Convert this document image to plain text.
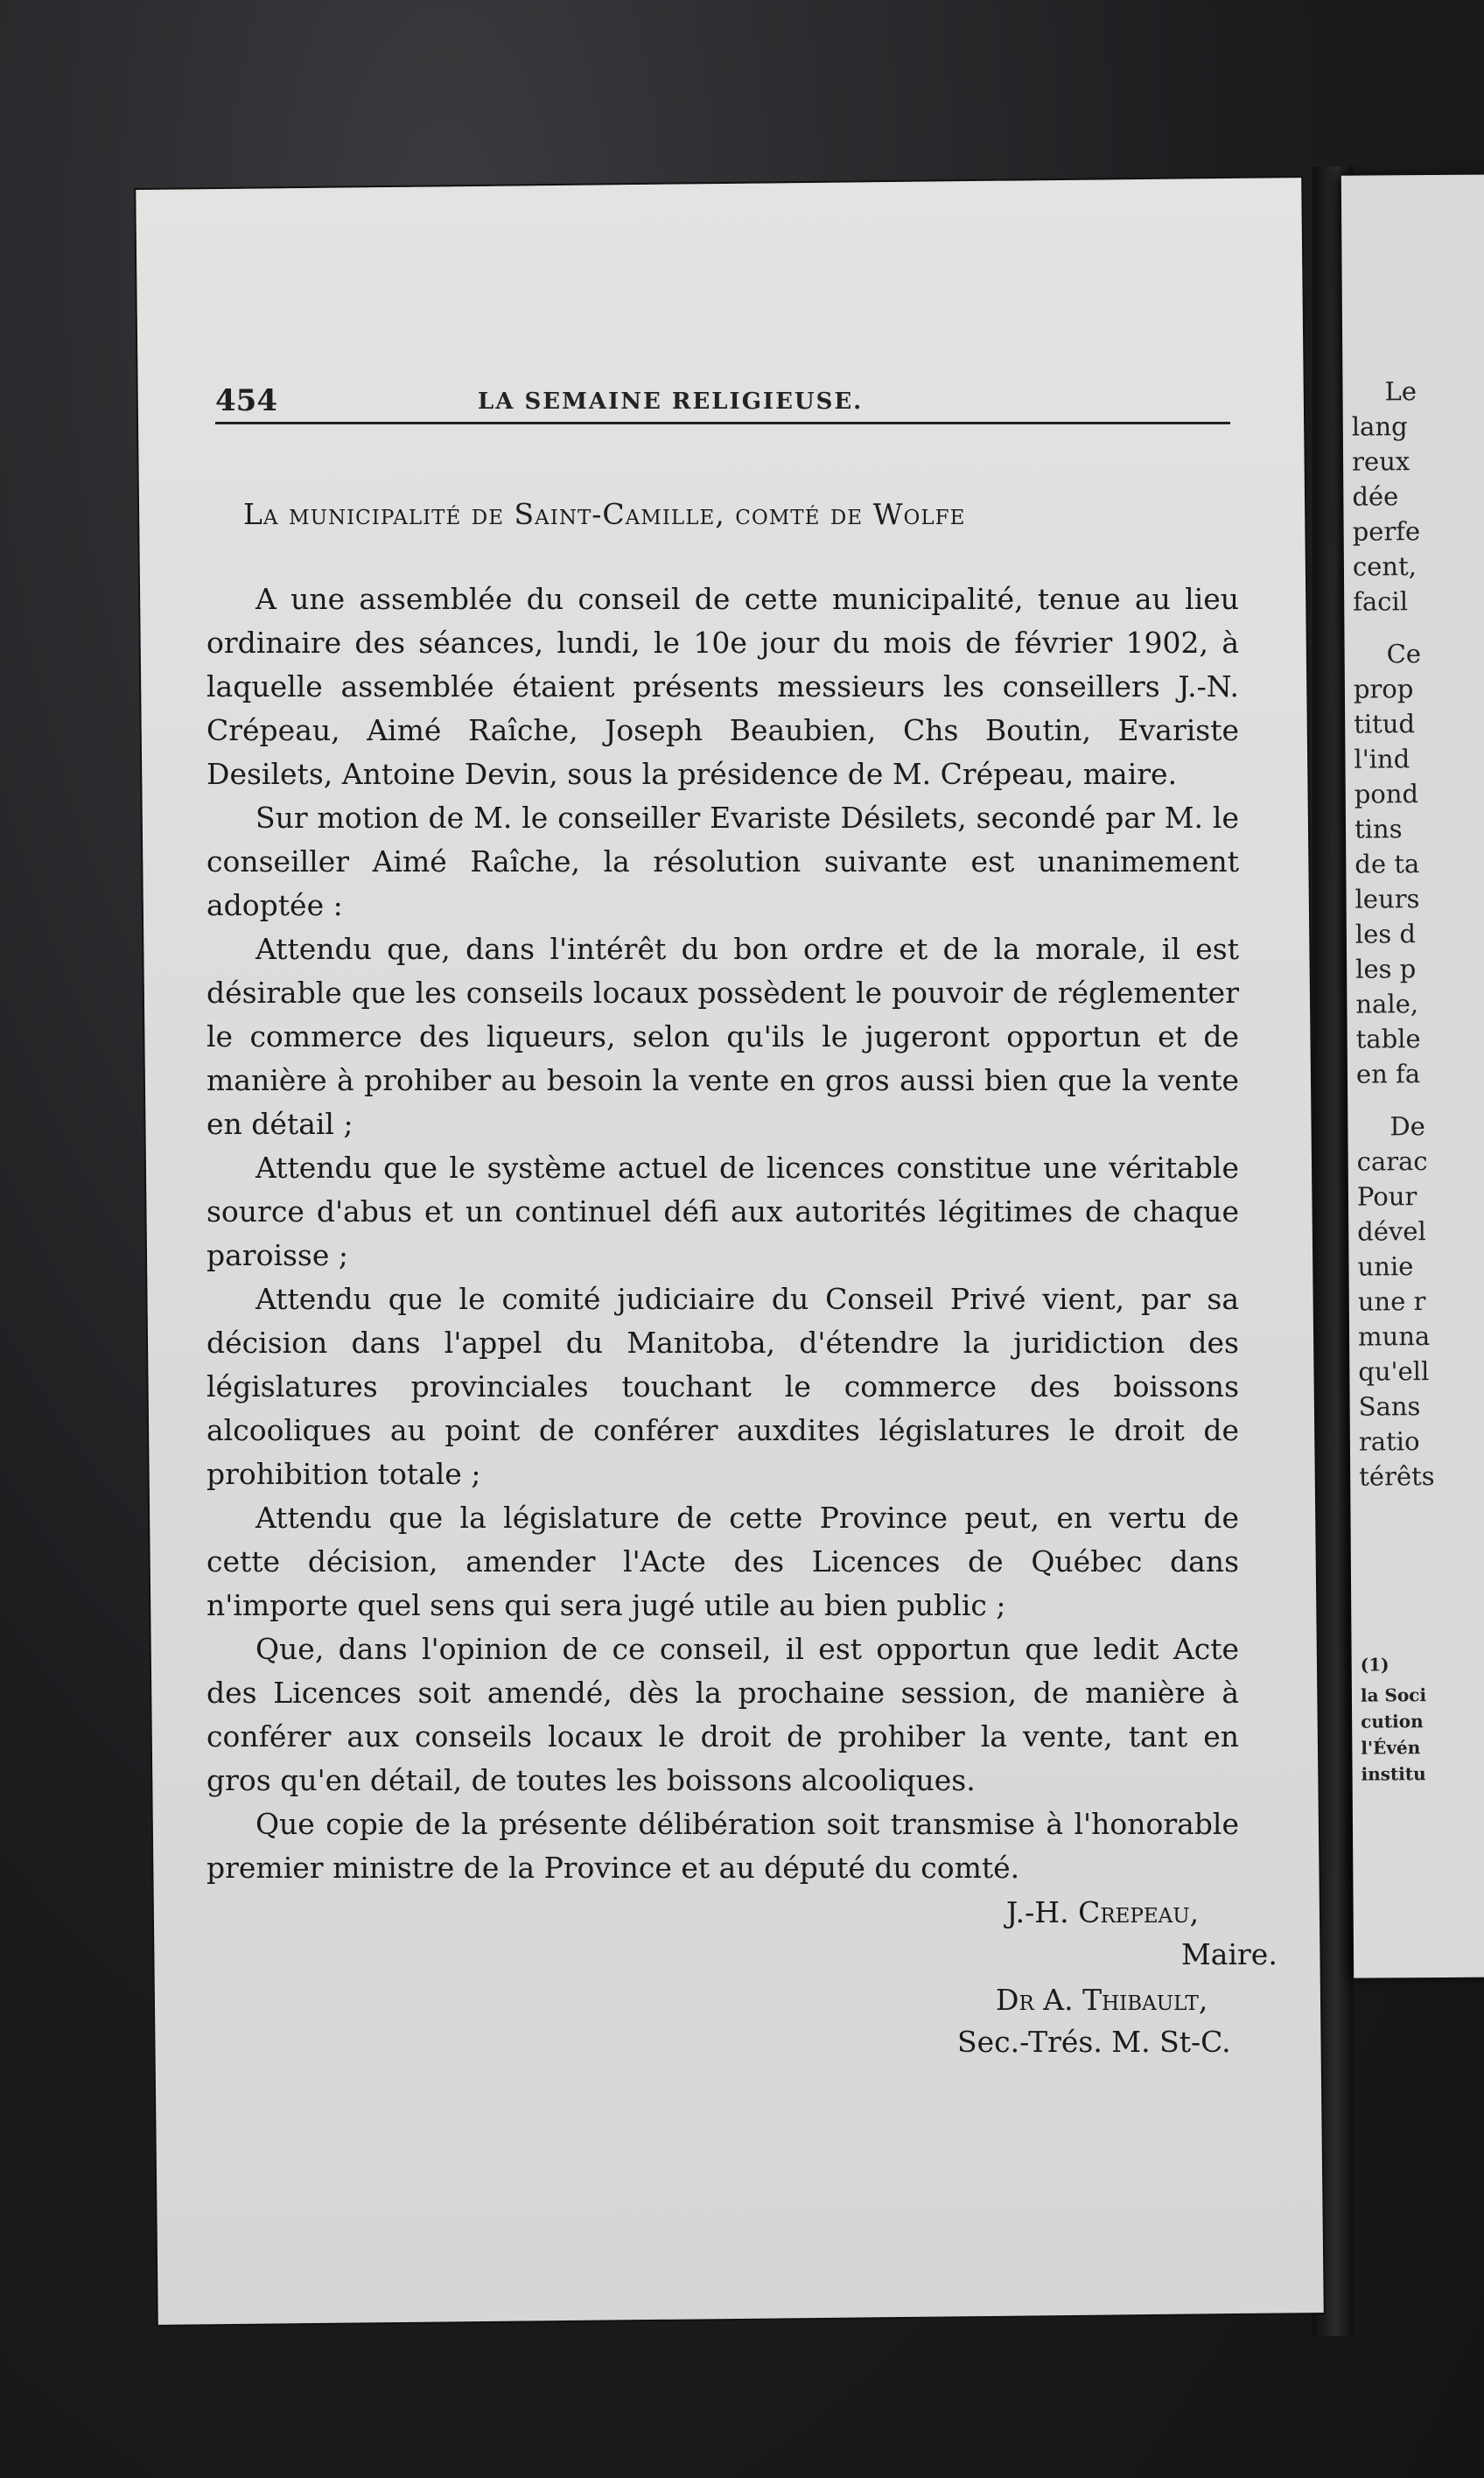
Le
lang
reux
dée
perfe
cent,
facil
Ce
prop
titud
l'ind
pond
tins
de ta
leurs
les d
les p
nale,
table
en fa
De
carac
Pour
dével
unie
une r
muna
qu'ell
Sans
ratio
térêts
(1)
la Soci
cution
l'Évén
institu
454	LA SEMAINE RELIGIEUSE.
La municipalité de Saint-Camille, comté de Wolfe

A une assemblée du conseil de cette municipalité, tenue au lieu ordinaire des séances, lundi, le 10e jour du mois de février 1902, à laquelle assemblée étaient présents messieurs les conseillers J.-N. Crépeau, Aimé Raîche, Joseph Beaubien, Chs Boutin, Evariste Desilets, Antoine Devin, sous la présidence de M. Crépeau, maire.

Sur motion de M. le conseiller Evariste Désilets, secondé par M. le conseiller Aimé Raîche, la résolution suivante est unanimement adoptée :

Attendu que, dans l'intérêt du bon ordre et de la morale, il est désirable que les conseils locaux possèdent le pouvoir de réglementer le commerce des liqueurs, selon qu'ils le jugeront opportun et de manière à prohiber au besoin la vente en gros aussi bien que la vente en détail ;

Attendu que le système actuel de licences constitue une véritable source d'abus et un continuel défi aux autorités légitimes de chaque paroisse ;

Attendu que le comité judiciaire du Conseil Privé vient, par sa décision dans l'appel du Manitoba, d'étendre la juridiction des législatures provinciales touchant le commerce des boissons alcooliques au point de conférer auxdites législatures le droit de prohibition totale ;

Attendu que la législature de cette Province peut, en vertu de cette décision, amender l'Acte des Licences de Québec dans n'importe quel sens qui sera jugé utile au bien public ;

Que, dans l'opinion de ce conseil, il est opportun que ledit Acte des Licences soit amendé, dès la prochaine session, de manière à conférer aux conseils locaux le droit de prohiber la vente, tant en gros qu'en détail, de toutes les boissons alcooliques.

Que copie de la présente délibération soit transmise à l'honorable premier ministre de la Province et au député du comté.

J.-H. Crepeau,
Maire.
Dr A. Thibault,
Sec.-Trés. M. St-C.
